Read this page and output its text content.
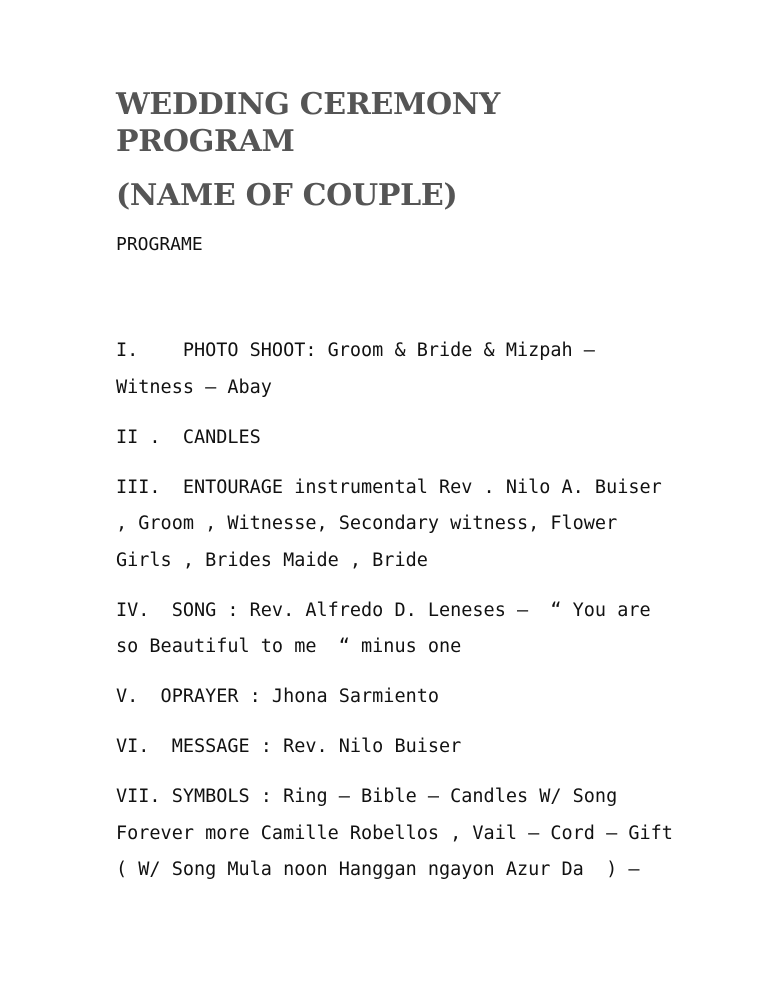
WEDDING CEREMONY PROGRAM
(NAME OF COUPLE)
PROGRAME

I.    PHOTO SHOOT: Groom & Bride & Mizpah – Witness – Abay

II .  CANDLES

III.  ENTOURAGE instrumental Rev . Nilo A. Buiser , Groom , Witnesse, Secondary witness, Flower Girls , Brides Maide , Bride

IV.  SONG : Rev. Alfredo D. Leneses –  “ You are so Beautiful to me  “ minus one

V.  OPRAYER : Jhona Sarmiento

VI.  MESSAGE : Rev. Nilo Buiser

VII. SYMBOLS : Ring – Bible – Candles W/ Song Forever more Camille Robellos , Vail – Cord – Gift ( W/ Song Mula noon Hanggan ngayon Azur Da  ) –
